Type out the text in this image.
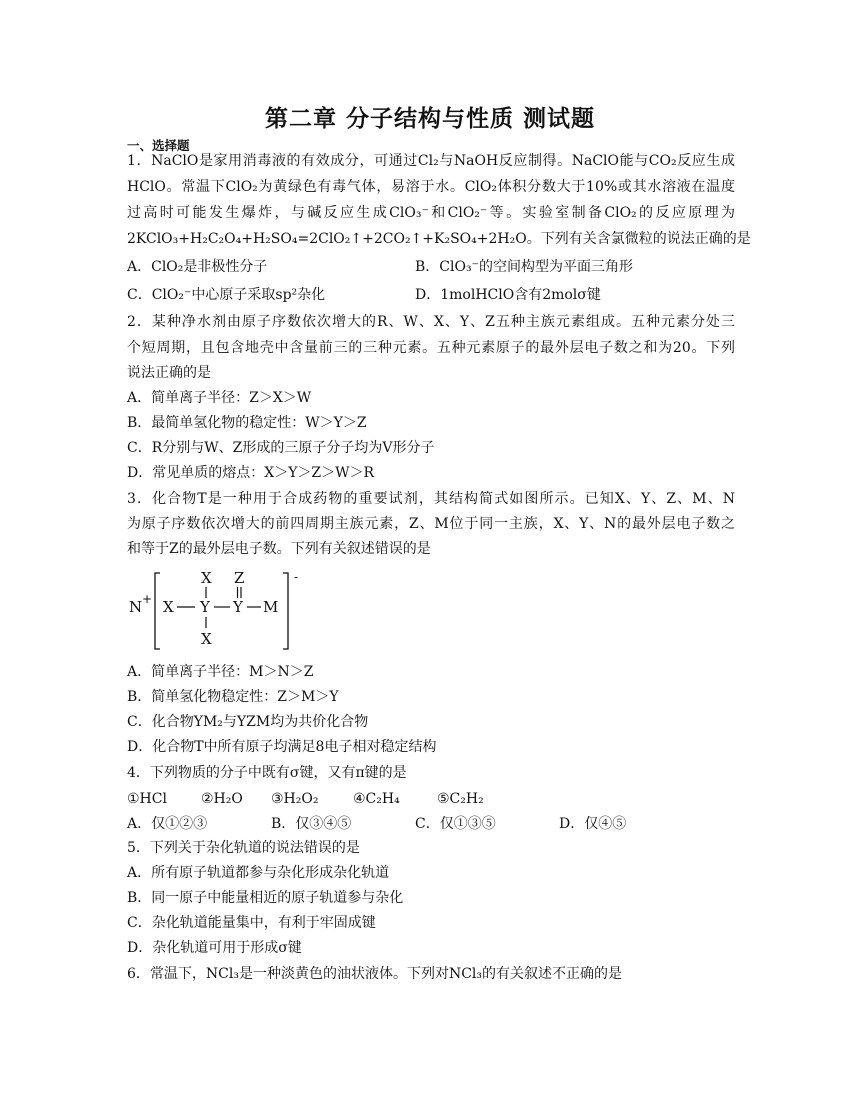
第二章 分子结构与性质 测试题
一、选择题
1．NaClO是家用消毒液的有效成分，可通过Cl₂与NaOH反应制得。NaClO能与CO₂反应生成
HClO。常温下ClO₂为黄绿色有毒气体，易溶于水。ClO₂体积分数大于10%或其水溶液在温度
过高时可能发生爆炸，与碱反应生成ClO₃⁻和ClO₂⁻等。实验室制备ClO₂的反应原理为
2KClO₃+H₂C₂O₄+H₂SO₄=2ClO₂↑+2CO₂↑+K₂SO₄+2H₂O。下列有关含氯微粒的说法正确的是
A．ClO₂是非极性分子	B．ClO₃⁻的空间构型为平面三角形
C．ClO₂⁻中心原子采取sp²杂化	D．1molHClO含有2molσ键
2．某种净水剂由原子序数依次增大的R、W、X、Y、Z五种主族元素组成。五种元素分处三
个短周期，且包含地壳中含量前三的三种元素。五种元素原子的最外层电子数之和为20。下列
说法正确的是
A．简单离子半径：Z＞X＞W
B．最简单氢化物的稳定性：W＞Y＞Z
C．R分别与W、Z形成的三原子分子均为V形分子
D．常见单质的熔点：X＞Y＞Z＞W＞R
3．化合物T是一种用于合成药物的重要试剂，其结构简式如图所示。已知X、Y、Z、M、N
为原子序数依次增大的前四周期主族元素，Z、M位于同一主族，X、Y、N的最外层电子数之
和等于Z的最外层电子数。下列有关叙述错误的是
N +
-
X Z
X Y Y M
X
A．简单离子半径：M＞N＞Z
B．简单氢化物稳定性：Z＞M＞Y
C．化合物YM₂与YZM均为共价化合物
D．化合物T中所有原子均满足8电子相对稳定结构
4．下列物质的分子中既有σ键，又有π键的是
①HCl ②H₂O ③H₂O₂ ④C₂H₄	⑤C₂H₂
A．仅①②③	B．仅③④⑤	C．仅①③⑤	D．仅④⑤
5．下列关于杂化轨道的说法错误的是
A．所有原子轨道都参与杂化形成杂化轨道
B．同一原子中能量相近的原子轨道参与杂化
C．杂化轨道能量集中，有利于牢固成键
D．杂化轨道可用于形成σ键
6．常温下，NCl₃是一种淡黄色的油状液体。下列对NCl₃的有关叙述不正确的是
